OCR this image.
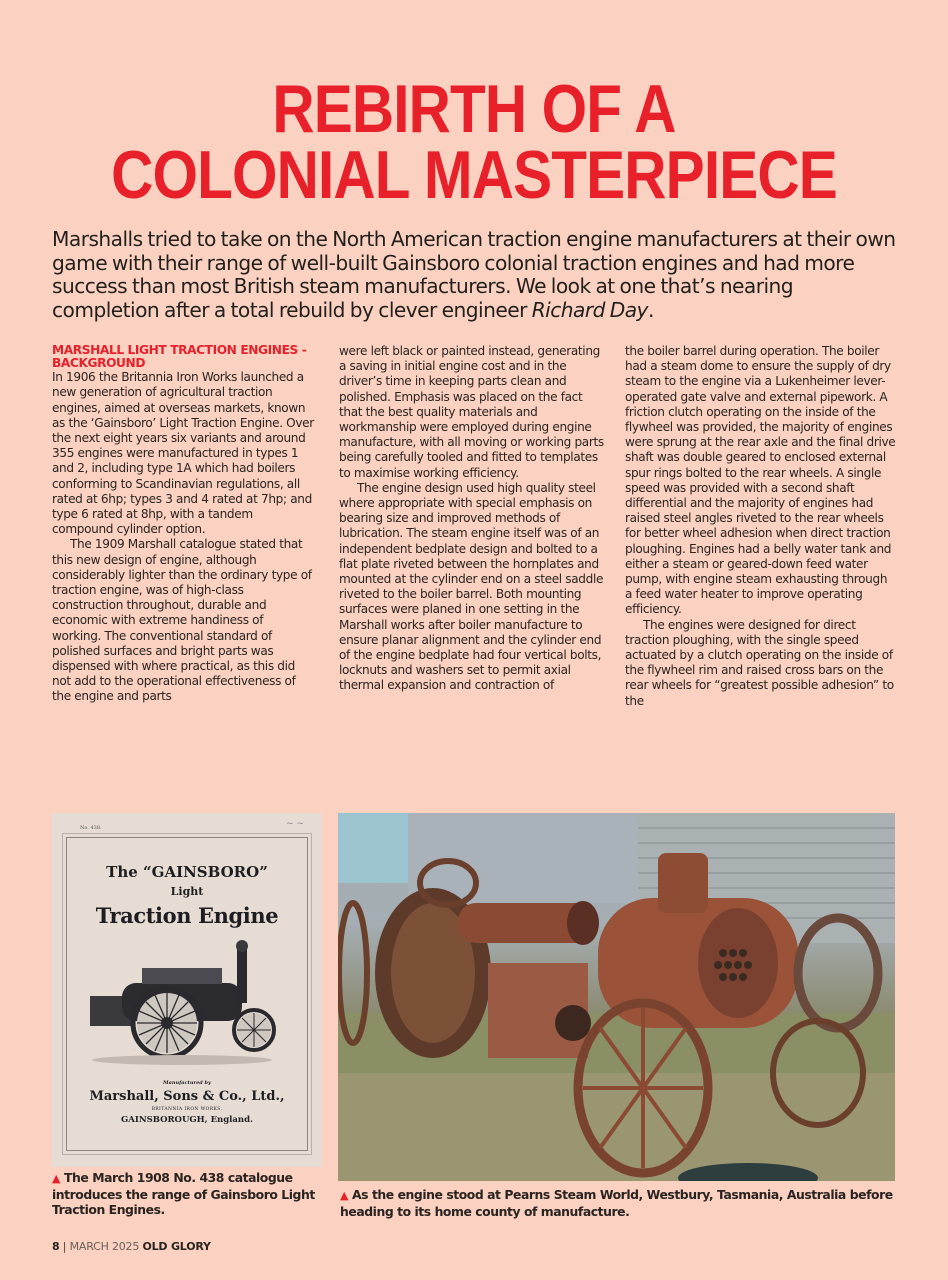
REBIRTH OF A
COLONIAL MASTERPIECE
Marshalls tried to take on the North American traction engine manufacturers at their own game with their range of well-built Gainsboro colonial traction engines and had more success than most British steam manufacturers. We look at one that’s nearing completion after a total rebuild by clever engineer Richard Day.
MARSHALL LIGHT TRACTION ENGINES - BACKGROUND

In 1906 the Britannia Iron Works launched a new generation of agricultural traction engines, aimed at overseas markets, known as the ‘Gainsboro’ Light Traction Engine. Over the next eight years six variants and around 355 engines were manufactured in types 1 and 2, including type 1A which had boilers conforming to Scandinavian regulations, all rated at 6hp; types 3 and 4 rated at 7hp; and type 6 rated at 8hp, with a tandem compound cylinder option.

The 1909 Marshall catalogue stated that this new design of engine, although considerably lighter than the ordinary type of traction engine, was of high-class construction throughout, durable and economic with extreme handiness of working. The conventional standard of polished surfaces and bright parts was dispensed with where practical, as this did not add to the operational effectiveness of the engine and parts

were left black or painted instead, generating a saving in initial engine cost and in the driver’s time in keeping parts clean and polished. Emphasis was placed on the fact that the best quality materials and workmanship were employed during engine manufacture, with all moving or working parts being carefully tooled and fitted to templates to maximise working efficiency.

The engine design used high quality steel where appropriate with special emphasis on bearing size and improved methods of lubrication. The steam engine itself was of an independent bedplate design and bolted to a flat plate riveted between the hornplates and mounted at the cylinder end on a steel saddle riveted to the boiler barrel. Both mounting surfaces were planed in one setting in the Marshall works after boiler manufacture to ensure planar alignment and the cylinder end of the engine bedplate had four vertical bolts, locknuts and washers set to permit axial thermal expansion and contraction of

the boiler barrel during operation. The boiler had a steam dome to ensure the supply of dry steam to the engine via a Lukenheimer lever-operated gate valve and external pipework. A friction clutch operating on the inside of the flywheel was provided, the majority of engines were sprung at the rear axle and the final drive shaft was double geared to enclosed external spur rings bolted to the rear wheels. A single speed was provided with a second shaft differential and the majority of engines had raised steel angles riveted to the rear wheels for better wheel adhesion when direct traction ploughing. Engines had a belly water tank and either a steam or geared-down feed water pump, with engine steam exhausting through a feed water heater to improve operating efficiency.

The engines were designed for direct traction ploughing, with the single speed actuated by a clutch operating on the inside of the flywheel rim and raised cross bars on the rear wheels for “greatest possible adhesion” to the

No. 438.	~ ~
The “GAINSBORO”
Light
Traction Engine
Manufactured by
Marshall, Sons & Co., Ltd.,
BRITANNIA IRON WORKS.
GAINSBOROUGH, England.
▲ The March 1908 No. 438 catalogue introduces the range of Gainsboro Light Traction Engines.
▲ As the engine stood at Pearns Steam World, Westbury, Tasmania, Australia before heading to its home county of manufacture.
8 | MARCH 2025 OLD GLORY
